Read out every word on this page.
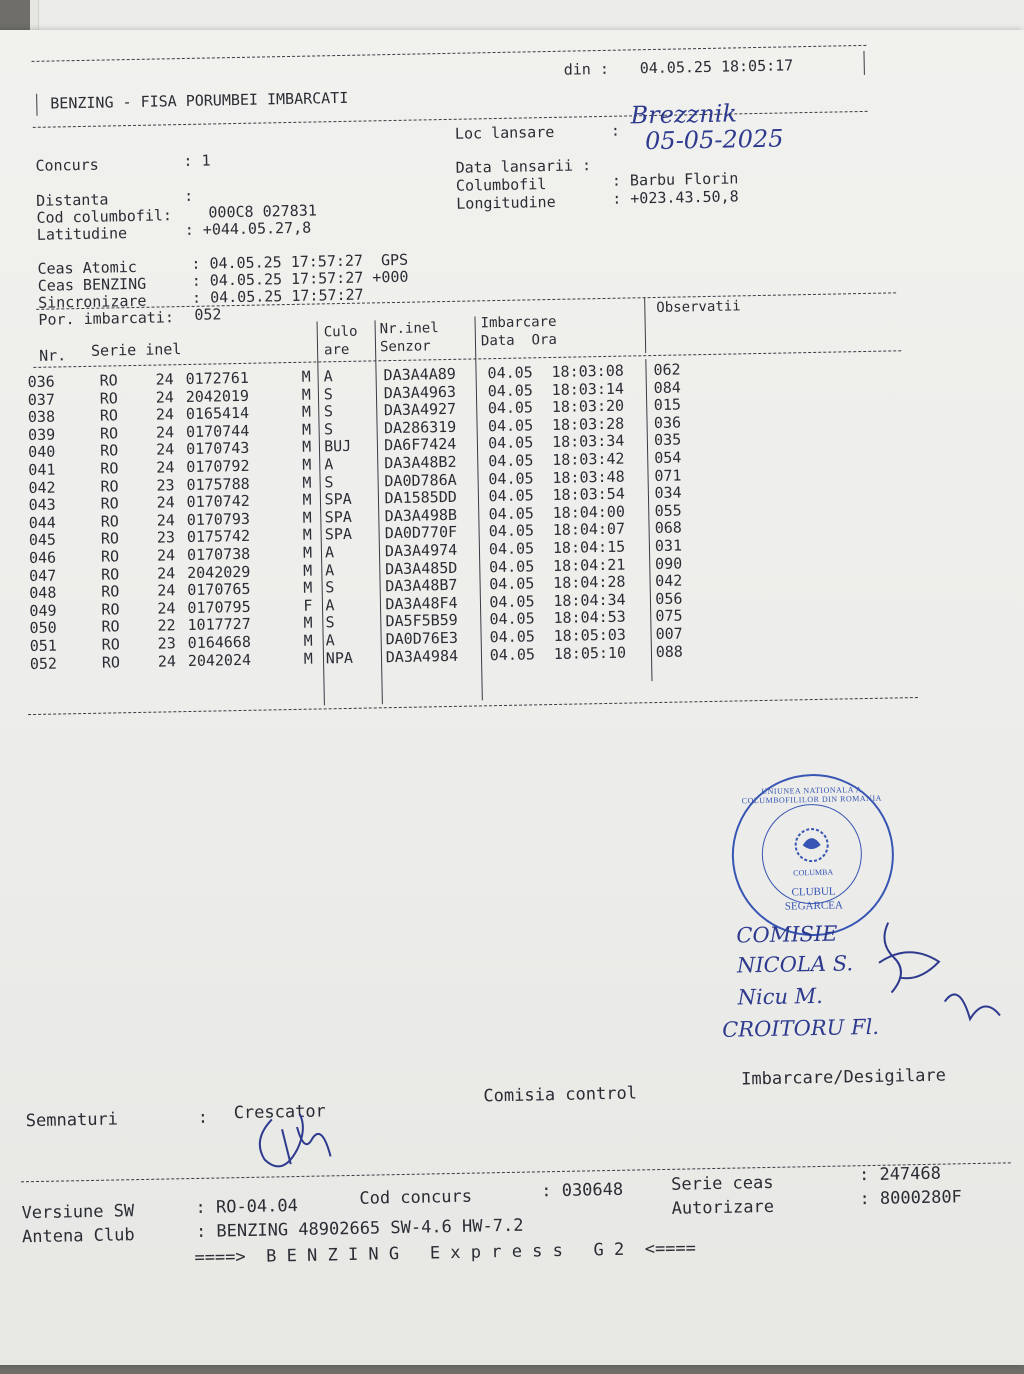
BENZING - FISA PORUMBEI IMBARCATI
din : 04.05.25 18:05:17
Loc lansare	:
Brezznik
Data lansarii :
05-05-2025
Columbofil	: Barbu Florin
Longitudine	: +023.43.50,8
Concurs	: 1
Distanta	:
Cod columbofil: 000C8 027831
Latitudine	: +044.05.27,8
Ceas Atomic	: 04.05.25 17:57:27  GPS
Ceas BENZING	: 04.05.25 17:57:27 +000
Sincronizare	: 04.05.25 17:57:27
Por. imbarcati: 052
Nr. Serie inel
Culo
are
Nr.inel
Senzor
Imbarcare
Data  Ora
Observatii
036	RO	24 0172761	M A	DA3A4A89 04.05 18:03:08 062
037	RO	24 2042019	M S	DA3A4963 04.05 18:03:14 084
038	RO	24 0165414	M S	DA3A4927 04.05 18:03:20 015
039	RO	24 0170744	M S	DA286319 04.05 18:03:28 036
040	RO	24 0170743	M BUJ DA6F7424 04.05 18:03:34 035
041	RO	24 0170792	M A	DA3A48B2 04.05 18:03:42 054
042	RO	23 0175788	M S	DA0D786A 04.05 18:03:48 071
043	RO	24 0170742	M SPA DA1585DD 04.05 18:03:54 034
044	RO	24 0170793	M SPA DA3A498B 04.05 18:04:00 055
045	RO	23 0175742	M SPA DA0D770F 04.05 18:04:07 068
046	RO	24 0170738	M A	DA3A4974 04.05 18:04:15 031
047	RO	24 2042029	M A	DA3A485D 04.05 18:04:21 090
048	RO	24 0170765	M S	DA3A48B7 04.05 18:04:28 042
049	RO	24 0170795	F A	DA3A48F4 04.05 18:04:34 056
050	RO	22 1017727	M S	DA5F5B59 04.05 18:04:53 075
051	RO	23 0164668	M A	DA0D76E3 04.05 18:05:03 007
052	RO	24 2042024	M NPA DA3A4984 04.05 18:05:10 088
UNIUNEA NATIONALA A COLUMBOFILILOR DIN ROMANIA
COLUMBA
CLUBUL
SEGARCEA
COMISIE
NICOLA S.
Nicu M.
CROITORU Fl.
Semnaturi	: Crescator
Comisia control
Imbarcare/Desigilare
Versiune SW	: RO-04.04	Cod concurs	: 030648	Serie ceas	: 247468
Antena Club	: BENZING 48902665 SW-4.6 HW-7.2
Autorizare	: 8000280F
====>  B E N Z I N G   E x p r e s s   G 2  <====
